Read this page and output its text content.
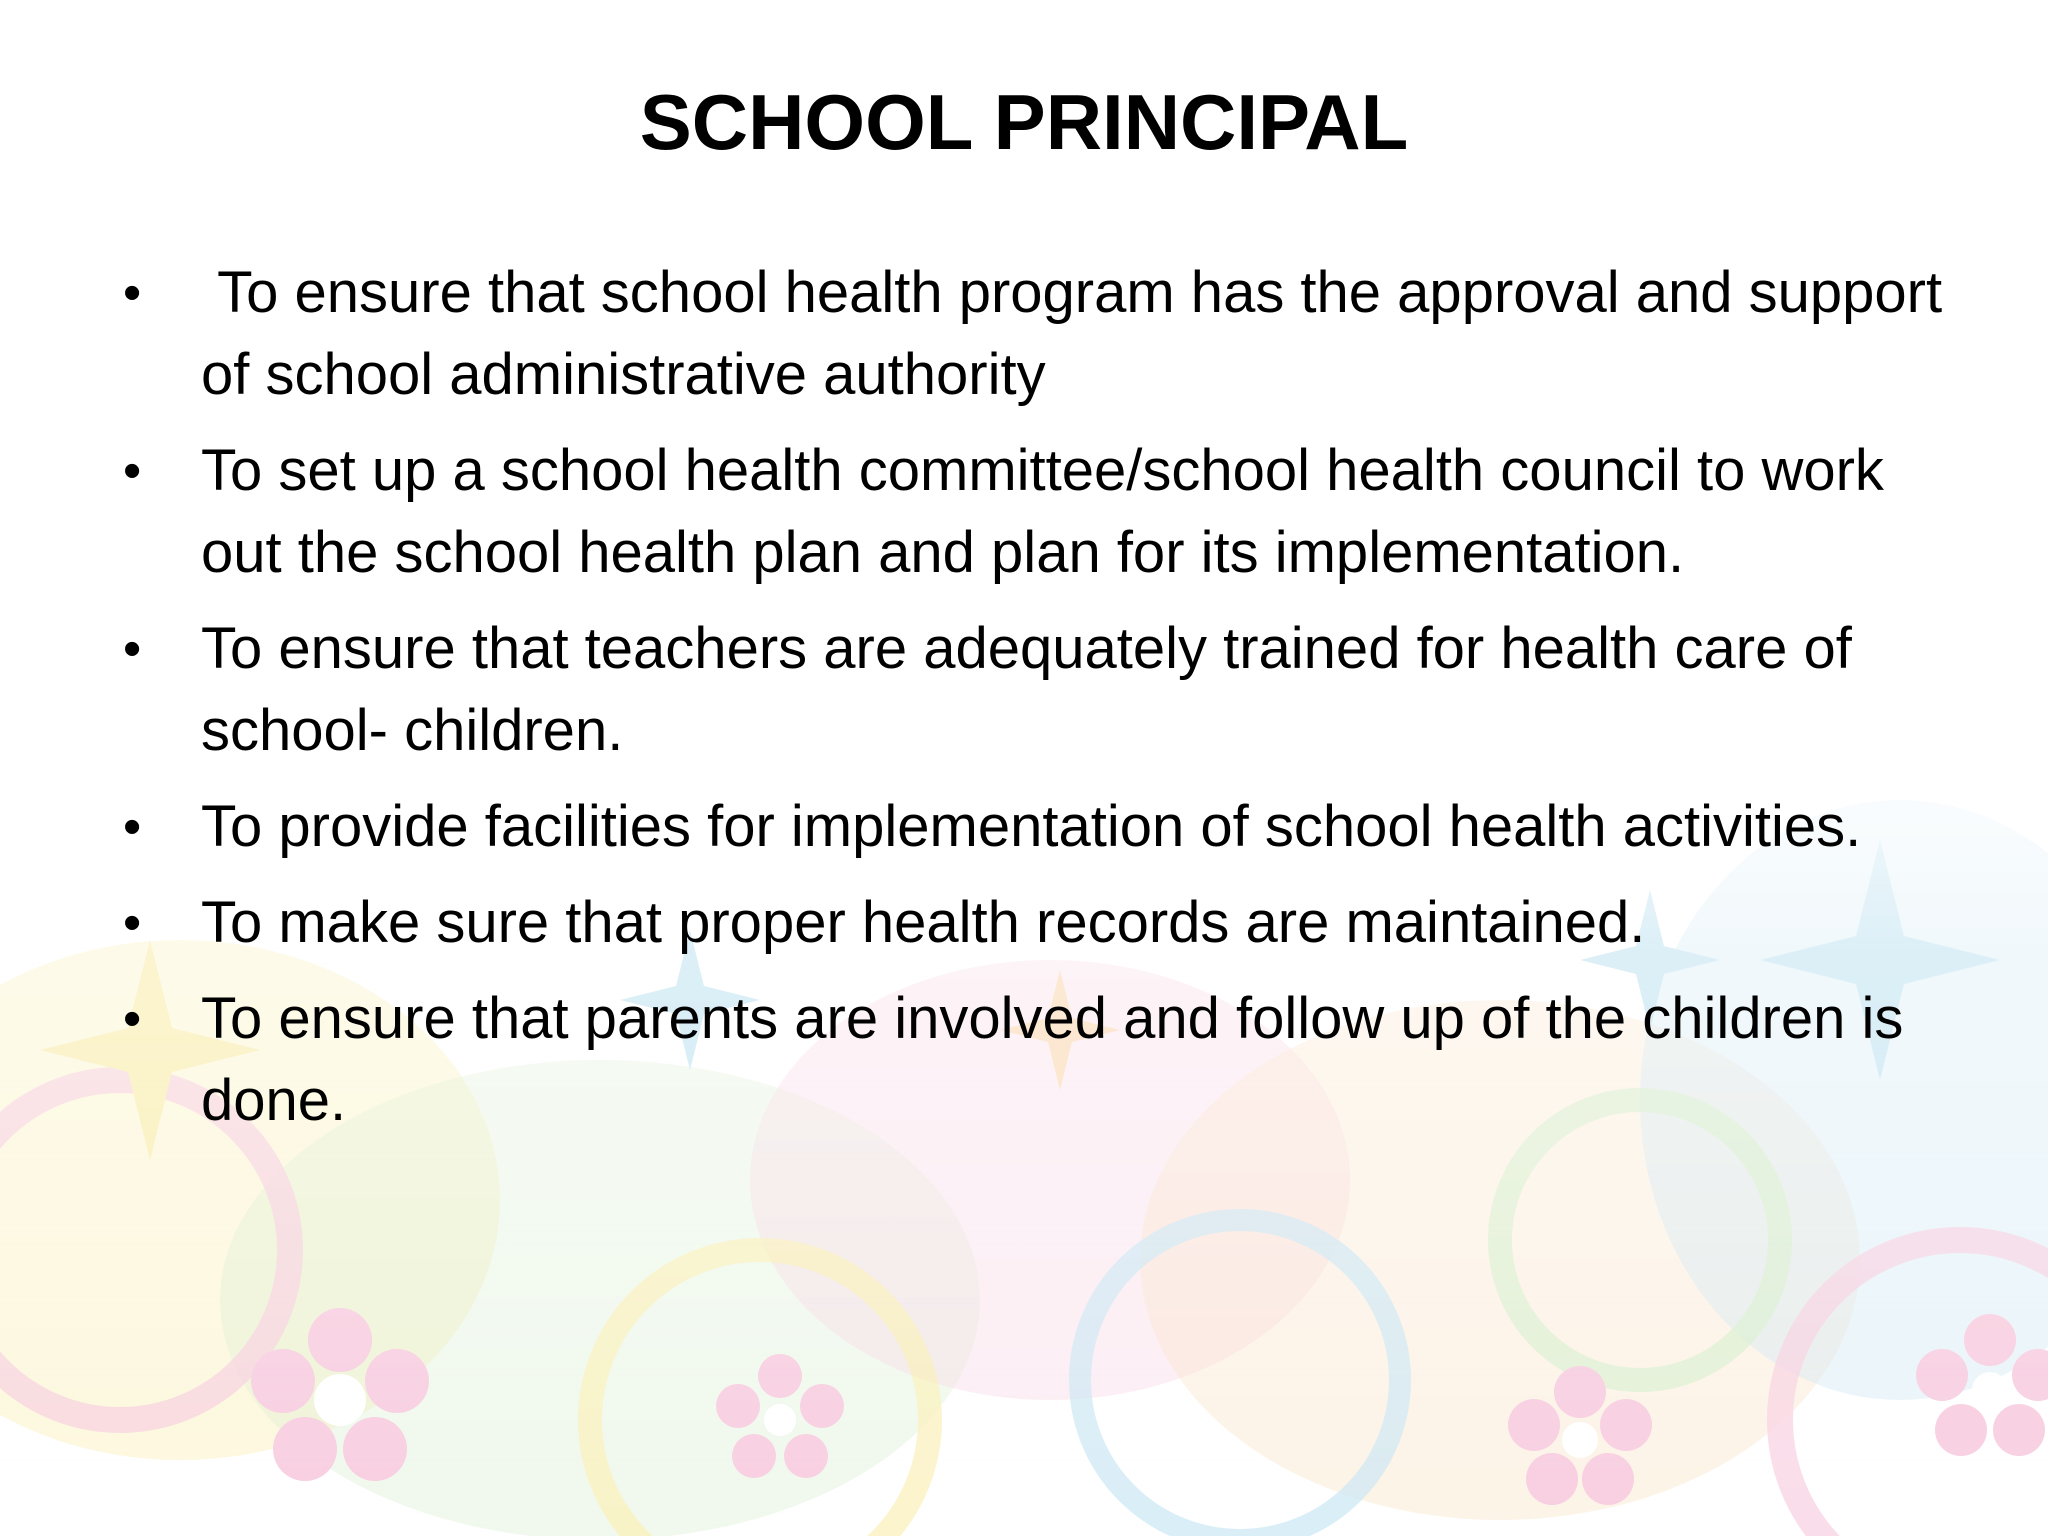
SCHOOL PRINCIPAL
• To ensure that school health program has the approval and support of school administrative authority
• To set up a school health committee/school health council to work out the school health plan and plan for its implementation.
• To ensure that teachers are adequately trained for health care of school- children.
• To provide facilities for implementation of school health activities.
• To make sure that proper health records are maintained.
• To ensure that parents are involved and follow up of the children is done.
